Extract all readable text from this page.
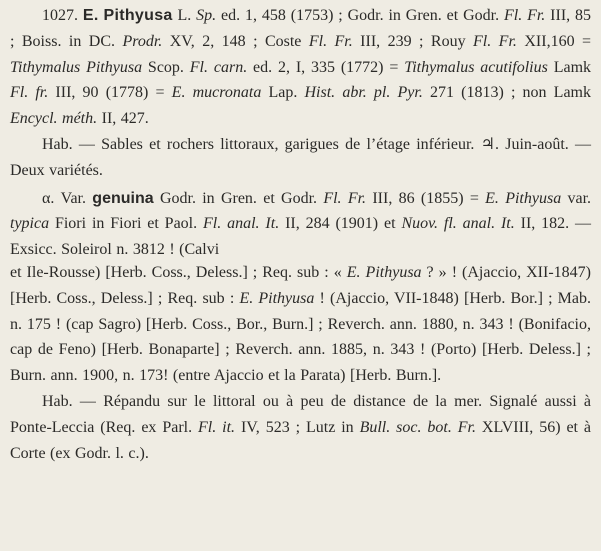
1027. E. Pithyusa L. Sp. ed. 1, 458 (1753) ; Godr. in Gren. et Godr. Fl. Fr. III, 85 ; Boiss. in DC. Prodr. XV, 2, 148 ; Coste Fl. Fr. III, 239 ; Rouy Fl. Fr. XII,160 = Tithymalus Pithyusa Scop. Fl. carn. ed. 2, I, 335 (1772) = Tithymalus acutifolius Lamk Fl. fr. III, 90 (1778) = E. mucronata Lap. Hist. abr. pl. Pyr. 271 (1813) ; non Lamk Encycl. méth. II, 427.
Hab. — Sables et rochers littoraux, garigues de l’étage inférieur. ♃. Juin-août. — Deux variétés.
α. Var. genuina Godr. in Gren. et Godr. Fl. Fr. III, 86 (1855) = E. Pithyusa var. typica Fiori in Fiori et Paol. Fl. anal. It. II, 284 (1901) et Nuov. fl. anal. It. II, 182. — Exsicc. Soleirol n. 3812 ! (Calvi
et Ile-Rousse) [Herb. Coss., Deless.] ; Req. sub : « E. Pithyusa ? » ! (Ajaccio, XII-1847) [Herb. Coss., Deless.] ; Req. sub : E. Pithyusa ! (Ajaccio, VII-1848) [Herb. Bor.] ; Mab. n. 175 ! (cap Sagro) [Herb. Coss., Bor., Burn.] ; Reverch. ann. 1880, n. 343 ! (Bonifacio, cap de Feno) [Herb. Bonaparte] ; Reverch. ann. 1885, n. 343 ! (Porto) [Herb. Deless.] ; Burn. ann. 1900, n. 173! (entre Ajaccio et la Parata) [Herb. Burn.].
Hab. — Répandu sur le littoral ou à peu de distance de la mer. Signalé aussi à Ponte-Leccia (Req. ex Parl. Fl. it. IV, 523 ; Lutz in Bull. soc. bot. Fr. XLVIII, 56) et à Corte (ex Godr. l. c.).
